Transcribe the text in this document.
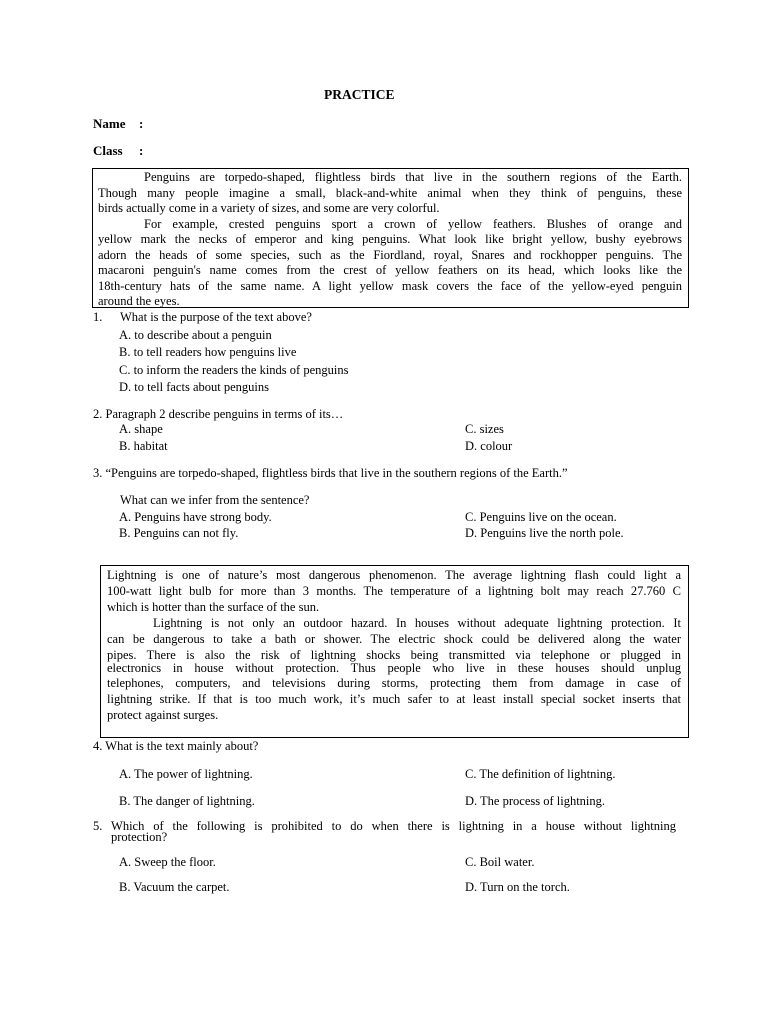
PRACTICE
Name :
Class :
Penguins are torpedo-shaped, flightless birds that live in the southern regions of the Earth.
Though many people imagine a small, black-and-white animal when they think of penguins, these
birds actually come in a variety of sizes, and some are very colorful.
For example, crested penguins sport a crown of yellow feathers. Blushes of orange and
yellow mark the necks of emperor and king penguins. What look like bright yellow, bushy eyebrows
adorn the heads of some species, such as the Fiordland, royal, Snares and rockhopper penguins. The
macaroni penguin's name comes from the crest of yellow feathers on its head, which looks like the
18th-century hats of the same name. A light yellow mask covers the face of the yellow-eyed penguin
around the eyes.
1. What is the purpose of the text above?
A. to describe about a penguin
B. to tell readers how penguins live
C. to inform the readers the kinds of penguins
D. to tell facts about penguins
2. Paragraph 2 describe penguins in terms of its…
A. shape	C. sizes
B. habitat	D. colour
3. “Penguins are torpedo-shaped, flightless birds that live in the southern regions of the Earth.”
What can we infer from the sentence?
A. Penguins have strong body.	C. Penguins live on the ocean.
B. Penguins can not fly.	D. Penguins live the north pole.
Lightning is one of nature’s most dangerous phenomenon. The average lightning flash could light a
100-watt light bulb for more than 3 months. The temperature of a lightning bolt may reach 27.760 C
which is hotter than the surface of the sun.
Lightning is not only an outdoor hazard. In houses without adequate lightning protection. It
can be dangerous to take a bath or shower. The electric shock could be delivered along the water
pipes. There is also the risk of lightning shocks being transmitted via telephone or plugged in
electronics in house without protection. Thus people who live in these houses should unplug
telephones, computers, and televisions during storms, protecting them from damage in case of
lightning strike. If that is too much work, it’s much safer to at least install special socket inserts that
protect against surges.
4. What is the text mainly about?
A. The power of lightning.	C. The definition of lightning.
B. The danger of lightning.	D. The process of lightning.
5. Which of the following is prohibited to do when there is lightning in a house without lightning
protection?
A. Sweep the floor.	C. Boil water.
B. Vacuum the carpet.	D. Turn on the torch.
